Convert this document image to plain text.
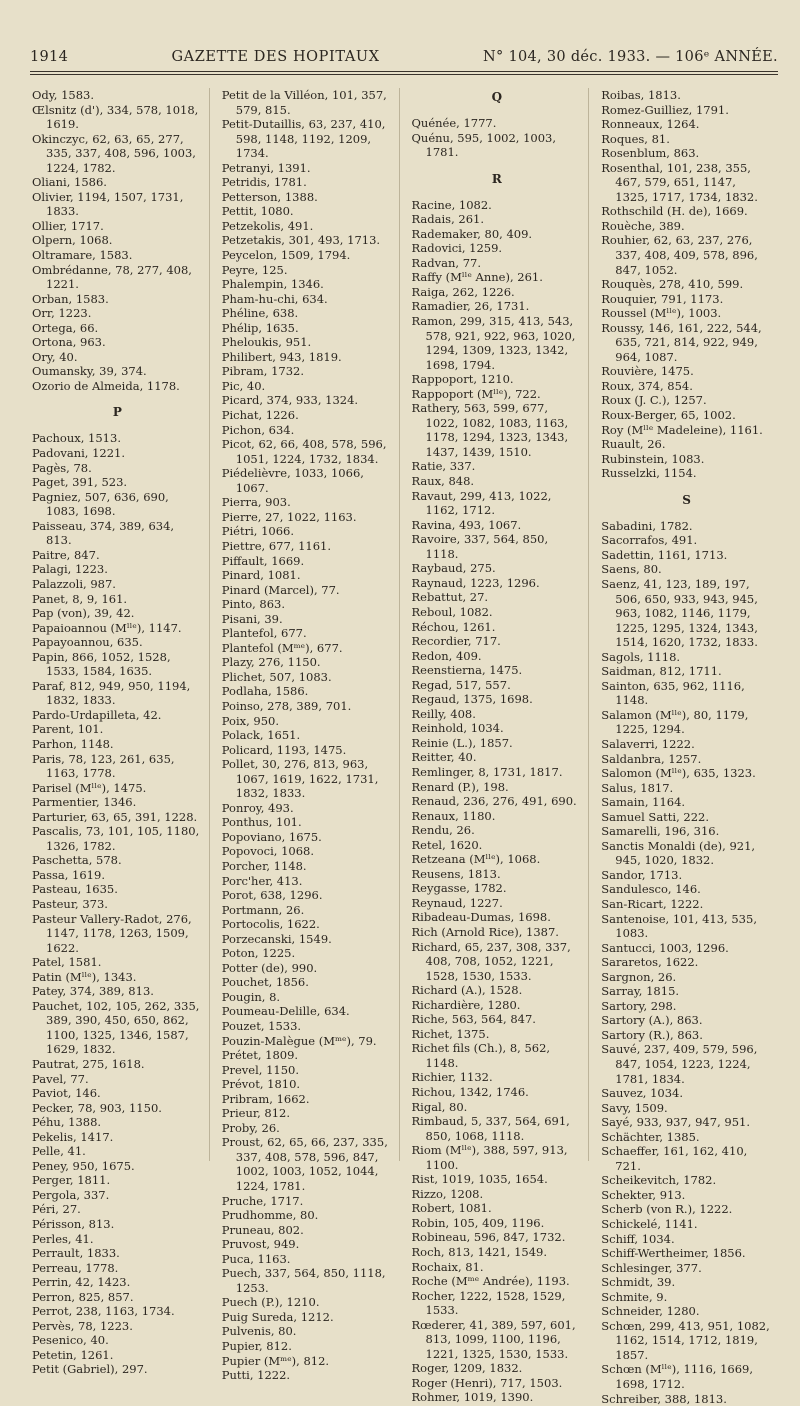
1914	GAZETTE DES HOPITAUX	N° 104, 30 déc. 1933. — 106ᵉ ANNÉE.
Ody, 1583.
Œlsnitz (d'), 334, 578, 1018, 1619.
Okinczyc, 62, 63, 65, 277, 335, 337, 408, 596, 1003, 1224, 1782.
Oliani, 1586.
Olivier, 1194, 1507, 1731, 1833.
Ollier, 1717.
Olpern, 1068.
Oltramare, 1583.
Ombrédanne, 78, 277, 408, 1221.
Orban, 1583.
Orr, 1223.
Ortega, 66.
Ortona, 963.
Ory, 40.
Oumansky, 39, 374.
Ozorio de Almeida, 1178.
P
Pachoux, 1513.
Padovani, 1221.
Pagès, 78.
Paget, 391, 523.
Pagniez, 507, 636, 690, 1083, 1698.
Paisseau, 374, 389, 634, 813.
Paitre, 847.
Palagi, 1223.
Palazzoli, 987.
Panet, 8, 9, 161.
Pap (von), 39, 42.
Papaioannou (Mˡˡᵉ), 1147.
Papayoannou, 635.
Papin, 866, 1052, 1528, 1533, 1584, 1635.
Paraf, 812, 949, 950, 1194, 1832, 1833.
Pardo-Urdapilleta, 42.
Parent, 101.
Parhon, 1148.
Paris, 78, 123, 261, 635, 1163, 1778.
Parisel (Mˡˡᵉ), 1475.
Parmentier, 1346.
Parturier, 63, 65, 391, 1228.
Pascalis, 73, 101, 105, 1180, 1326, 1782.
Paschetta, 578.
Passa, 1619.
Pasteau, 1635.
Pasteur, 373.
Pasteur Vallery-Radot, 276, 1147, 1178, 1263, 1509, 1622.
Patel, 1581.
Patin (Mˡˡᵉ), 1343.
Patey, 374, 389, 813.
Pauchet, 102, 105, 262, 335, 389, 390, 450, 650, 862, 1100, 1325, 1346, 1587, 1629, 1832.
Pautrat, 275, 1618.
Pavel, 77.
Paviot, 146.
Pecker, 78, 903, 1150.
Péhu, 1388.
Pekelis, 1417.
Pelle, 41.
Peney, 950, 1675.
Perger, 1811.
Pergola, 337.
Péri, 27.
Périsson, 813.
Perles, 41.
Perrault, 1833.
Perreau, 1778.
Perrin, 42, 1423.
Perron, 825, 857.
Perrot, 238, 1163, 1734.
Pervès, 78, 1223.
Pesenico, 40.
Petetin, 1261.
Petit (Gabriel), 297.
Petit de la Villéon, 101, 357, 579, 815.
Petit-Dutaillis, 63, 237, 410, 598, 1148, 1192, 1209, 1734.
Petranyi, 1391.
Petridis, 1781.
Petterson, 1388.
Pettit, 1080.
Petzekolis, 491.
Petzetakis, 301, 493, 1713.
Peycelon, 1509, 1794.
Peyre, 125.
Phalempin, 1346.
Pham-hu-chi, 634.
Phéline, 638.
Phélip, 1635.
Pheloukis, 951.
Philibert, 943, 1819.
Pibram, 1732.
Pic, 40.
Picard, 374, 933, 1324.
Pichat, 1226.
Pichon, 634.
Picot, 62, 66, 408, 578, 596, 1051, 1224, 1732, 1834.
Piédelièvre, 1033, 1066, 1067.
Pierra, 903.
Pierre, 27, 1022, 1163.
Piétri, 1066.
Piettre, 677, 1161.
Piffault, 1669.
Pinard, 1081.
Pinard (Marcel), 77.
Pinto, 863.
Pisani, 39.
Plantefol, 677.
Plantefol (Mᵐᵉ), 677.
Plazy, 276, 1150.
Plichet, 507, 1083.
Podlaha, 1586.
Poinso, 278, 389, 701.
Poix, 950.
Polack, 1651.
Policard, 1193, 1475.
Pollet, 30, 276, 813, 963, 1067, 1619, 1622, 1731, 1832, 1833.
Ponroy, 493.
Ponthus, 101.
Popoviano, 1675.
Popovoci, 1068.
Porcher, 1148.
Porc'her, 413.
Porot, 638, 1296.
Portmann, 26.
Portocolis, 1622.
Porzecanski, 1549.
Poton, 1225.
Potter (de), 990.
Pouchet, 1856.
Pougin, 8.
Poumeau-Delille, 634.
Pouzet, 1533.
Pouzin-Malègue (Mᵐᵉ), 79.
Prétet, 1809.
Prevel, 1150.
Prévot, 1810.
Pribram, 1662.
Prieur, 812.
Proby, 26.
Proust, 62, 65, 66, 237, 335, 337, 408, 578, 596, 847, 1002, 1003, 1052, 1044, 1224, 1781.
Pruche, 1717.
Prudhomme, 80.
Pruneau, 802.
Pruvost, 949.
Puca, 1163.
Puech, 337, 564, 850, 1118, 1253.
Puech (P.), 1210.
Puig Sureda, 1212.
Pulvenis, 80.
Pupier, 812.
Pupier (Mᵐᵉ), 812.
Putti, 1222.
Q
Quénée, 1777.
Quénu, 595, 1002, 1003, 1781.
R
Racine, 1082.
Radais, 261.
Rademaker, 80, 409.
Radovici, 1259.
Radvan, 77.
Raffy (Mˡˡᵉ Anne), 261.
Raiga, 262, 1226.
Ramadier, 26, 1731.
Ramon, 299, 315, 413, 543, 578, 921, 922, 963, 1020, 1294, 1309, 1323, 1342, 1698, 1794.
Rappoport, 1210.
Rappoport (Mˡˡᵉ), 722.
Rathery, 563, 599, 677, 1022, 1082, 1083, 1163, 1178, 1294, 1323, 1343, 1437, 1439, 1510.
Ratie, 337.
Raux, 848.
Ravaut, 299, 413, 1022, 1162, 1712.
Ravina, 493, 1067.
Ravoire, 337, 564, 850, 1118.
Raybaud, 275.
Raynaud, 1223, 1296.
Rebattut, 27.
Reboul, 1082.
Réchou, 1261.
Recordier, 717.
Redon, 409.
Reenstierna, 1475.
Regad, 517, 557.
Regaud, 1375, 1698.
Reilly, 408.
Reinhold, 1034.
Reinie (L.), 1857.
Reitter, 40.
Remlinger, 8, 1731, 1817.
Renard (P.), 198.
Renaud, 236, 276, 491, 690.
Renaux, 1180.
Rendu, 26.
Retel, 1620.
Retzeana (Mˡˡᵉ), 1068.
Reusens, 1813.
Reygasse, 1782.
Reynaud, 1227.
Ribadeau-Dumas, 1698.
Rich (Arnold Rice), 1387.
Richard, 65, 237, 308, 337, 408, 708, 1052, 1221, 1528, 1530, 1533.
Richard (A.), 1528.
Richardière, 1280.
Riche, 563, 564, 847.
Richet, 1375.
Richet fils (Ch.), 8, 562, 1148.
Richier, 1132.
Richou, 1342, 1746.
Rigal, 80.
Rimbaud, 5, 337, 564, 691, 850, 1068, 1118.
Riom (Mˡˡᵉ), 388, 597, 913, 1100.
Rist, 1019, 1035, 1654.
Rizzo, 1208.
Robert, 1081.
Robin, 105, 409, 1196.
Robineau, 596, 847, 1732.
Roch, 813, 1421, 1549.
Rochaix, 81.
Roche (Mᵐᵉ Andrée), 1193.
Rocher, 1222, 1528, 1529, 1533.
Rœderer, 41, 389, 597, 601, 813, 1099, 1100, 1196, 1221, 1325, 1530, 1533.
Roger, 1209, 1832.
Roger (Henri), 717, 1503.
Rohmer, 1019, 1390.
Roibas, 1813.
Romez-Guilliez, 1791.
Ronneaux, 1264.
Roques, 81.
Rosenblum, 863.
Rosenthal, 101, 238, 355, 467, 579, 651, 1147, 1325, 1717, 1734, 1832.
Rothschild (H. de), 1669.
Rouèche, 389.
Rouhier, 62, 63, 237, 276, 337, 408, 409, 578, 896, 847, 1052.
Rouquès, 278, 410, 599.
Rouquier, 791, 1173.
Roussel (Mˡˡᵉ), 1003.
Roussy, 146, 161, 222, 544, 635, 721, 814, 922, 949, 964, 1087.
Rouvière, 1475.
Roux, 374, 854.
Roux (J. C.), 1257.
Roux-Berger, 65, 1002.
Roy (Mˡˡᵉ Madeleine), 1161.
Ruault, 26.
Rubinstein, 1083.
Russelzki, 1154.
S
Sabadini, 1782.
Sacorrafos, 491.
Sadettin, 1161, 1713.
Saens, 80.
Saenz, 41, 123, 189, 197, 506, 650, 933, 943, 945, 963, 1082, 1146, 1179, 1225, 1295, 1324, 1343, 1514, 1620, 1732, 1833.
Sagols, 1118.
Saidman, 812, 1711.
Sainton, 635, 962, 1116, 1148.
Salamon (Mˡˡᵉ), 80, 1179, 1225, 1294.
Salaverri, 1222.
Saldanbra, 1257.
Salomon (Mˡˡᵉ), 635, 1323.
Salus, 1817.
Samain, 1164.
Samuel Satti, 222.
Samarelli, 196, 316.
Sanctis Monaldi (de), 921, 945, 1020, 1832.
Sandor, 1713.
Sandulesco, 146.
San-Ricart, 1222.
Santenoise, 101, 413, 535, 1083.
Santucci, 1003, 1296.
Sararetos, 1622.
Sargnon, 26.
Sarray, 1815.
Sartory, 298.
Sartory (A.), 863.
Sartory (R.), 863.
Sauvé, 237, 409, 579, 596, 847, 1054, 1223, 1224, 1781, 1834.
Sauvez, 1034.
Savy, 1509.
Sayé, 933, 937, 947, 951.
Schächter, 1385.
Schaeffer, 161, 162, 410, 721.
Scheikevitch, 1782.
Schekter, 913.
Scherb (von R.), 1222.
Schickelé, 1141.
Schiff, 1034.
Schiff-Wertheimer, 1856.
Schlesinger, 377.
Schmidt, 39.
Schmite, 9.
Schneider, 1280.
Schœn, 299, 413, 951, 1082, 1162, 1514, 1712, 1819, 1857.
Schœn (Mˡˡᵉ), 1116, 1669, 1698, 1712.
Schreiber, 388, 1813.
